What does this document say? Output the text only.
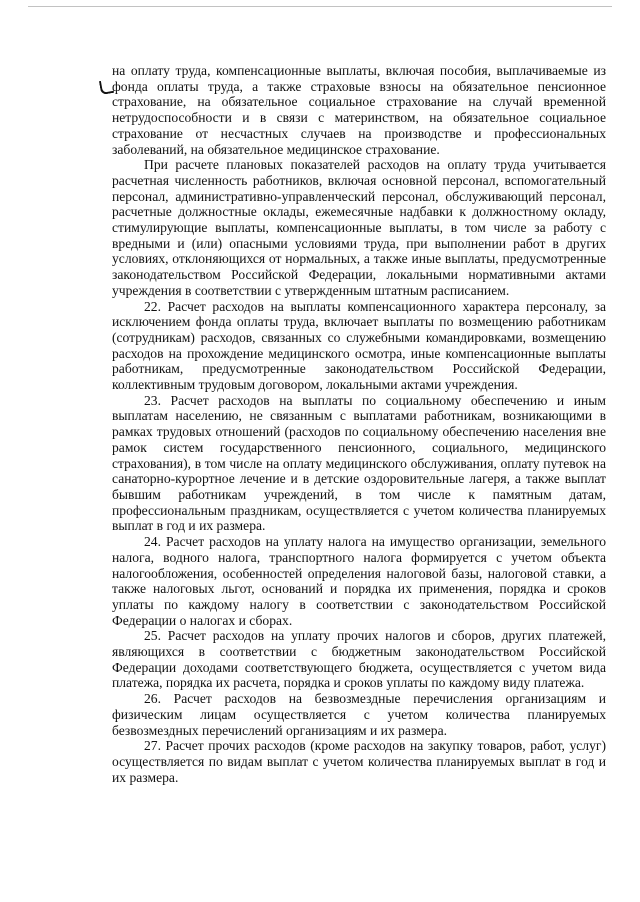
на оплату труда, компенсационные выплаты, включая пособия, выплачиваемые из фонда оплаты труда, а также страховые взносы на обязательное пенсионное страхование, на обязательное социальное страхование на случай временной нетрудоспособности и в связи с материнством, на обязательное социальное страхование от несчастных случаев на производстве и профессиональных заболеваний, на обязательное медицинское страхование.

При расчете плановых показателей расходов на оплату труда учитывается расчетная численность работников, включая основной персонал, вспомогательный персонал, административно-управленческий персонал, обслуживающий персонал, расчетные должностные оклады, ежемесячные надбавки к должностному окладу, стимулирующие выплаты, компенсационные выплаты, в том числе за работу с вредными и (или) опасными условиями труда, при выполнении работ в других условиях, отклоняющихся от нормальных, а также иные выплаты, предусмотренные законодательством Российской Федерации, локальными нормативными актами учреждения в соответствии с утвержденным штатным расписанием.

22. Расчет расходов на выплаты компенсационного характера персоналу, за исключением фонда оплаты труда, включает выплаты по возмещению работникам (сотрудникам) расходов, связанных со служебными командировками, возмещению расходов на прохождение медицинского осмотра, иные компенсационные выплаты работникам, предусмотренные законодательством Российской Федерации, коллективным трудовым договором, локальными актами учреждения.

23. Расчет расходов на выплаты по социальному обеспечению и иным выплатам населению, не связанным с выплатами работникам, возникающими в рамках трудовых отношений (расходов по социальному обеспечению населения вне рамок систем государственного пенсионного, социального, медицинского страхования), в том числе на оплату медицинского обслуживания, оплату путевок на санаторно-курортное лечение и в детские оздоровительные лагеря, а также выплат бывшим работникам учреждений, в том числе к памятным датам, профессиональным праздникам, осуществляется с учетом количества планируемых выплат в год и их размера.

24. Расчет расходов на уплату налога на имущество организации, земельного налога, водного налога, транспортного налога формируется с учетом объекта налогообложения, особенностей определения налоговой базы, налоговой ставки, а также налоговых льгот, оснований и порядка их применения, порядка и сроков уплаты по каждому налогу в соответствии с законодательством Российской Федерации о налогах и сборах.

25. Расчет расходов на уплату прочих налогов и сборов, других платежей, являющихся в соответствии с бюджетным законодательством Российской Федерации доходами соответствующего бюджета, осуществляется с учетом вида платежа, порядка их расчета, порядка и сроков уплаты по каждому виду платежа.

26. Расчет расходов на безвозмездные перечисления организациям и физическим лицам осуществляется с учетом количества планируемых безвозмездных перечислений организациям и их размера.

27. Расчет прочих расходов (кроме расходов на закупку товаров, работ, услуг) осуществляется по видам выплат с учетом количества планируемых выплат в год и их размера.
